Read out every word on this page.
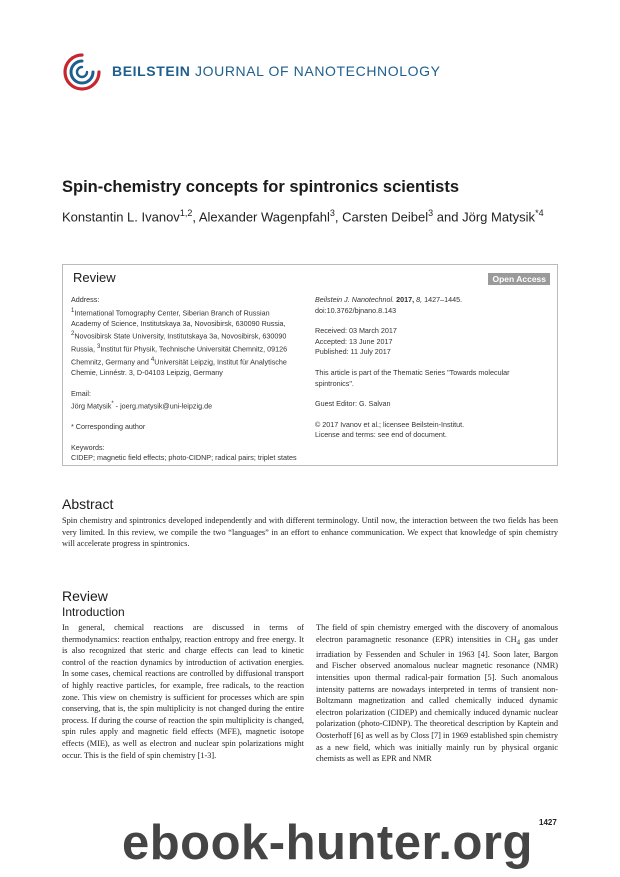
BEILSTEIN JOURNAL OF NANOTECHNOLOGY
Spin-chemistry concepts for spintronics scientists
Konstantin L. Ivanov$^{1,2}$, Alexander Wagenpfahl$^3$, Carsten Deibel$^3$ and Jörg Matysik$^{*4}$
Review	Open Access
Address:
$^1$International Tomography Center, Siberian Branch of Russian Academy of Science, Institutskaya 3a, Novosibirsk, 630090 Russia, $^2$Novosibirsk State University, Institutskaya 3a, Novosibirsk, 630090 Russia, $^3$Institut für Physik, Technische Universität Chemnitz, 09126 Chemnitz, Germany and $^4$Universität Leipzig, Institut für Analytische Chemie, Linnéstr. 3, D-04103 Leipzig, Germany
Email:
Jörg Matysik* - joerg.matysik@uni-leipzig.de
* Corresponding author
Keywords:
CIDEP; magnetic field effects; photo-CIDNP; radical pairs; triplet states
Beilstein J. Nanotechnol. 2017, 8, 1427–1445.
doi:10.3762/bjnano.8.143
Received: 03 March 2017
Accepted: 13 June 2017
Published: 11 July 2017
This article is part of the Thematic Series "Towards molecular spintronics".
Guest Editor: G. Salvan
© 2017 Ivanov et al.; licensee Beilstein-Institut.
License and terms: see end of document.
Abstract
Spin chemistry and spintronics developed independently and with different terminology. Until now, the interaction between the two fields has been very limited. In this review, we compile the two “languages” in an effort to enhance communication. We expect that knowledge of spin chemistry will accelerate progress in spintronics.
Review
Introduction
In general, chemical reactions are discussed in terms of thermodynamics: reaction enthalpy, reaction entropy and free energy. It is also recognized that steric and charge effects can lead to kinetic control of the reaction dynamics by introduction of activation energies. In some cases, chemical reactions are controlled by diffusional transport of highly reactive particles, for example, free radicals, to the reaction zone. This view on chemistry is sufficient for processes which are spin conserving, that is, the spin multiplicity is not changed during the entire process. If during the course of reaction the spin multiplicity is changed, spin rules apply and magnetic field effects (MFE), magnetic isotope effects (MIE), as well as electron and nuclear spin polarizations might occur. This is the field of spin chemistry [1-3].
The field of spin chemistry emerged with the discovery of anomalous electron paramagnetic resonance (EPR) intensities in $CH_4$ gas under irradiation by Fessenden and Schuler in 1963 [4]. Soon later, Bargon and Fischer observed anomalous nuclear magnetic resonance (NMR) intensities upon thermal radical-pair formation [5]. Such anomalous intensity patterns are nowadays interpreted in terms of transient non-Boltzmann magnetization and called chemically induced dynamic electron polarization (CIDEP) and chemically induced dynamic nuclear polarization (photo-CIDNP). The theoretical description by Kaptein and Oosterhoff [6] as well as by Closs [7] in 1969 established spin chemistry as a new field, which was initially mainly run by physical organic chemists as well as EPR and NMR
1427
ebook-hunter.org
